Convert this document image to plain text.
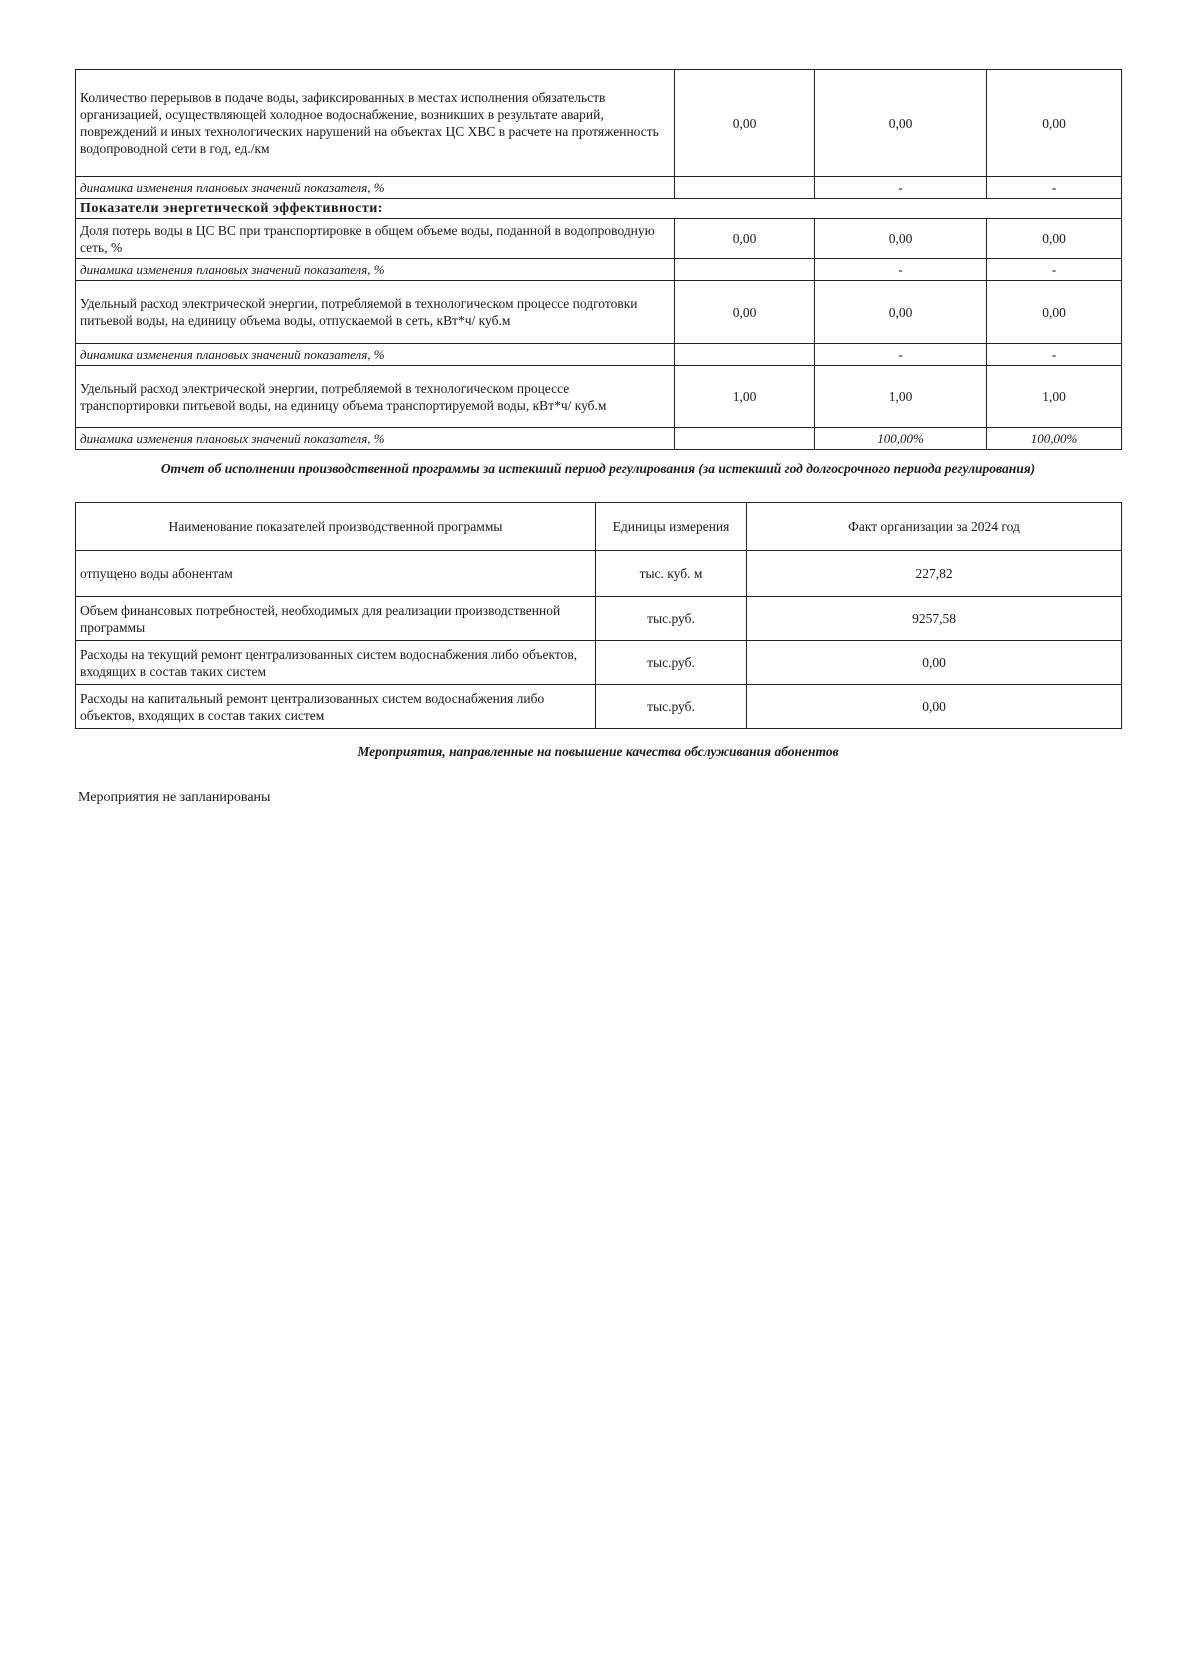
Количество перерывов в подаче воды, зафиксированных в местах исполнения обязательств организацией, осуществляющей холодное водоснабжение, возникших в результате аварий, повреждений и иных технологических нарушений на объектах ЦС ХВС в расчете на протяженность водопроводной сети в год, ед./км	0,00	0,00	0,00
динамика изменения плановых значений показателя, %		-	-
Показатели энергетической эффективности:			
Доля потерь воды в ЦС ВС при транспортировке в общем объеме воды, поданной в водопроводную сеть, %	0,00	0,00	0,00
динамика изменения плановых значений показателя, %		-	-
Удельный расход электрической энергии, потребляемой в технологическом процессе подготовки питьевой воды, на единицу объема воды, отпускаемой в сеть, кВт*ч/ куб.м	0,00	0,00	0,00
динамика изменения плановых значений показателя, %		-	-
Удельный расход электрической энергии, потребляемой в технологическом процессе транспортировки питьевой воды, на единицу объема транспортируемой воды, кВт*ч/ куб.м	1,00	1,00	1,00
динамика изменения плановых значений показателя, %		100,00%	100,00%
Отчет об исполнении производственной программы за истекший период регулирования (за истекший год долгосрочного периода регулирования)
Наименование показателей производственной программы	Единицы измерения	Факт организации за 2024 год
отпущено воды абонентам	тыс. куб. м	227,82
Объем финансовых потребностей, необходимых для реализации производственной программы	тыс.руб.	9257,58
Расходы на текущий ремонт централизованных систем водоснабжения либо объектов, входящих в состав таких систем	тыс.руб.	0,00
Расходы на капитальный ремонт централизованных систем водоснабжения либо объектов, входящих в состав таких систем	тыс.руб.	0,00
Мероприятия, направленные на повышение качества обслуживания абонентов
Мероприятия не запланированы
